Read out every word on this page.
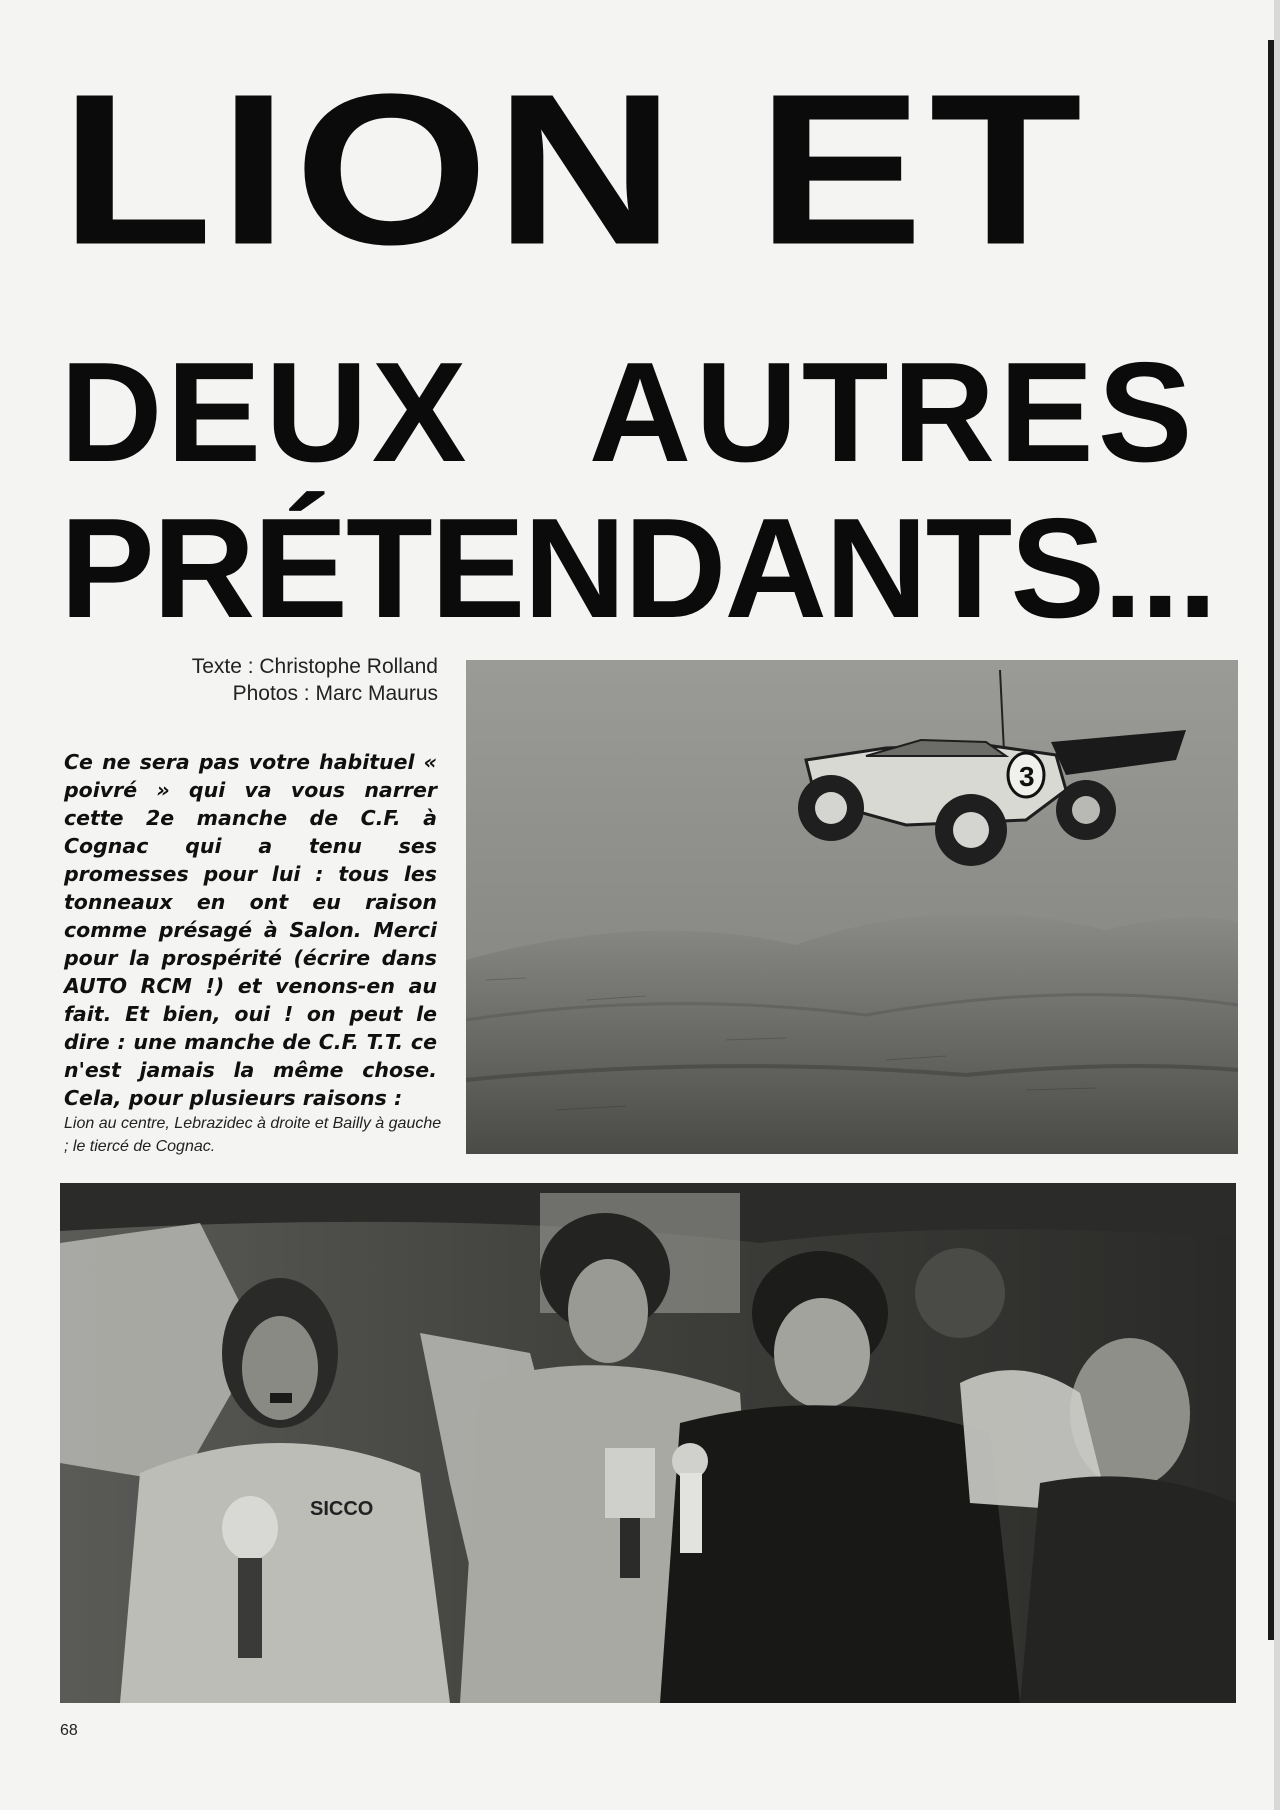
LION ET
DEUX AUTRES
PRÉTENDANTS...
Texte : Christophe Rolland
Photos : Marc Maurus

Ce ne sera pas votre habituel « poivré » qui va vous narrer cette 2e manche de C.F. à Cognac qui a tenu ses promesses pour lui : tous les tonneaux en ont eu raison comme présagé à Salon. Merci pour la prospérité (écrire dans AUTO RCM !) et venons-en au fait. Et bien, oui ! on peut le dire : une manche de C.F. T.T. ce n'est jamais la même chose. Cela, pour plusieurs raisons :

Lion au centre, Lebrazidec à droite et Bailly à gauche ; le tiercé de Cognac.

3
SICCO
68
